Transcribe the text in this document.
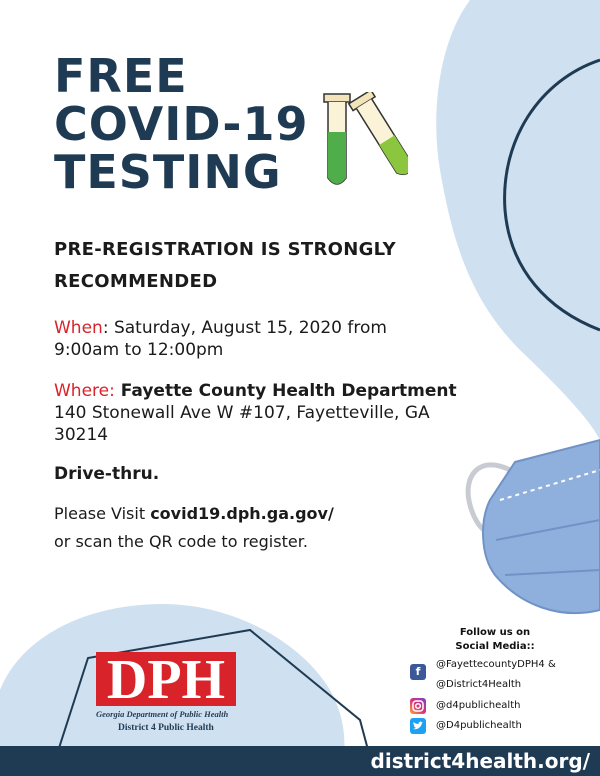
FREE
COVID-19
TESTING
PRE-REGISTRATION IS STRONGLY RECOMMENDED
When: Saturday, August 15, 2020 from 9:00am to 12:00pm
Where: Fayette County Health Department
140 Stonewall Ave W #107, Fayetteville, GA 30214
Drive-thru.
Please Visit covid19.dph.ga.gov/
or scan the QR code to register.
DPH
Georgia Department of Public Health
District 4 Public Health
Follow us on
Social Media::
f
@FayettecountyDPH4 &
@District4Health
@d4publichealth
@D4publichealth
district4health.org/
